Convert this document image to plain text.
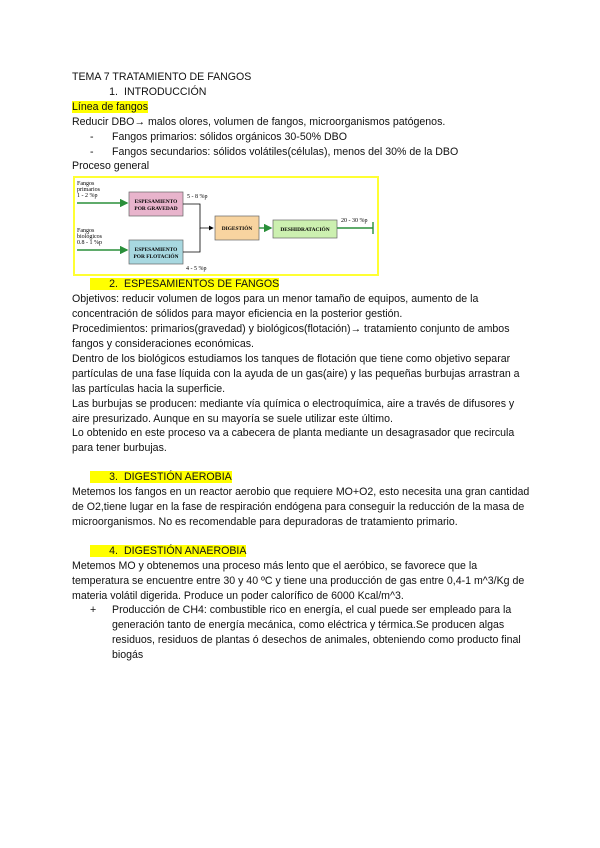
TEMA 7 TRATAMIENTO DE FANGOS

1. INTRODUCCIÓN

Línea de fangos

Reducir DBO→ malos olores, volumen de fangos, microorganismos patógenos.

-	Fangos primarios: sólidos orgánicos 30-50% DBO
-	Fangos secundarios: sólidos volátiles(células), menos del 30% de la DBO

Proceso general

Fangos
primarios
1 - 2 %p
Fangos
biológicos
0.8 - 1 %p
ESPESAMIENTO
POR GRAVEDAD
ESPESAMIENTO
POR FLOTACIÓN
5 - 8 %p
4 - 5 %p
DIGESTIÓN	DESHIDRATACIÓN
20 - 30 %p

2. ESPESAMIENTOS DE FANGOS

Objetivos: reducir volumen de logos para un menor tamaño de equipos, aumento de la concentración de sólidos para mayor eficiencia en la posterior gestión.

Procedimientos: primarios(gravedad) y biológicos(flotación)→ tratamiento conjunto de ambos fangos y consideraciones económicas.

Dentro de los biológicos estudiamos los tanques de flotación que tiene como objetivo separar partículas de una fase líquida con la ayuda de un gas(aire) y las pequeñas burbujas arrastran a las partículas hacia la superficie.

Las burbujas se producen: mediante vía química o electroquímica, aire a través de difusores y aire presurizado. Aunque en su mayoría se suele utilizar este último.

Lo obtenido en este proceso va a cabecera de planta mediante un desagrasador que recircula para tener burbujas.

3. DIGESTIÓN AEROBIA

Metemos los fangos en un reactor aerobio que requiere MO+O2, esto necesita una gran cantidad de O2,tiene lugar en la fase de respiración endógena para conseguir la reducción de la masa de microorganismos. No es recomendable para depuradoras de tratamiento primario.

4. DIGESTIÓN ANAEROBIA

Metemos MO y obtenemos una proceso más lento que el aeróbico, se favorece que la temperatura se encuentre entre 30 y 40 ºC y tiene una producción de gas entre 0,4-1 m^3/Kg de materia volátil digerida. Produce un poder calorífico de 6000 Kcal/m^3.

+	Producción de CH4: combustible rico en energía, el cual puede ser empleado para la generación tanto de energía mecánica, como eléctrica y térmica.Se producen algas residuos, residuos de plantas ó desechos de animales, obteniendo como producto final biogás
